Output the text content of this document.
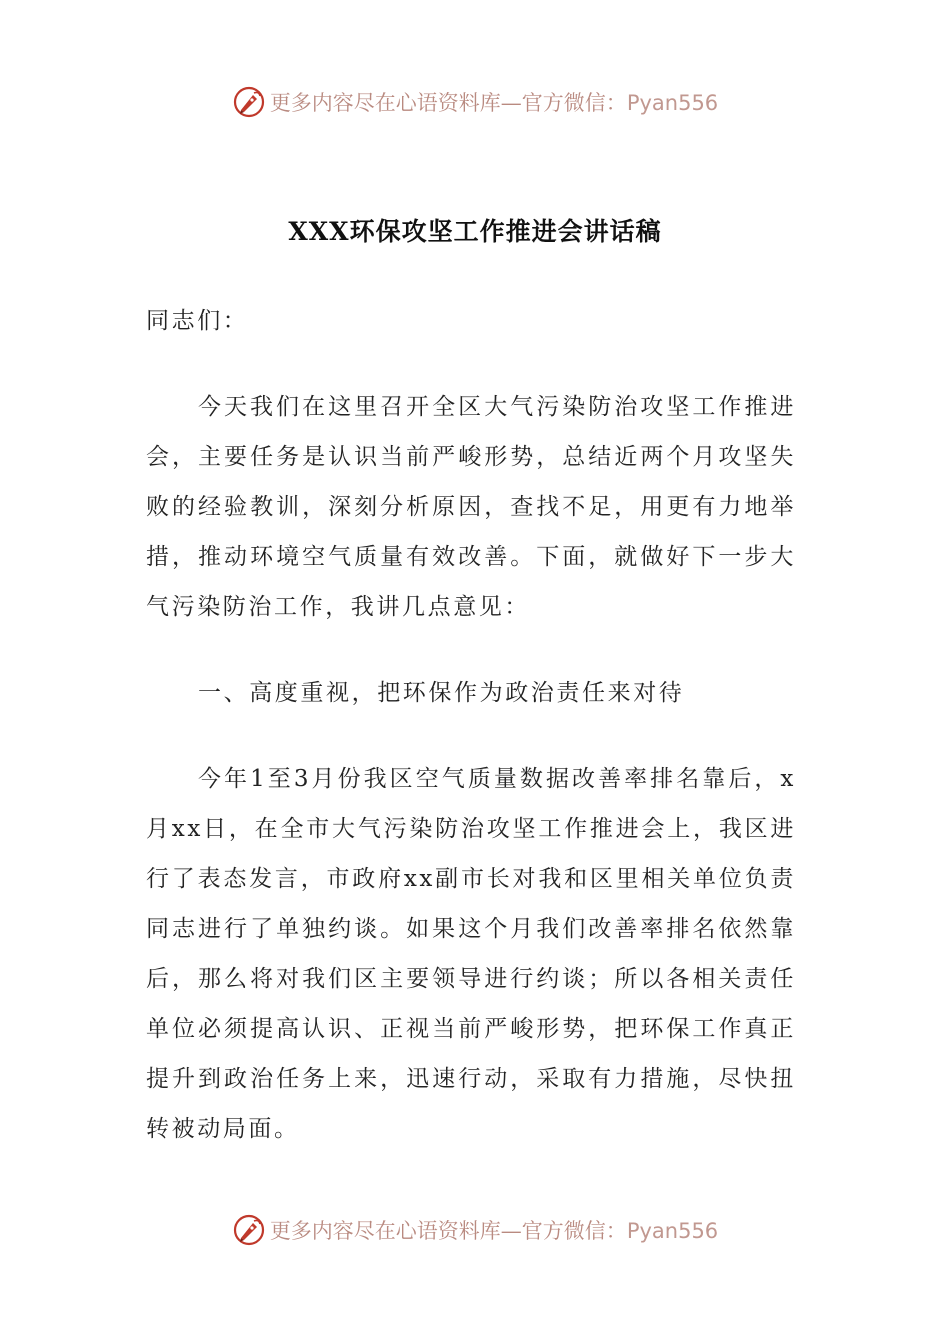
更多内容尽在心语资料库—官方微信：Pyan556
XXX环保攻坚工作推进会讲话稿

同志们：

今天我们在这里召开全区大气污染防治攻坚工作推进会，主要任务是认识当前严峻形势，总结近两个月攻坚失败的经验教训，深刻分析原因，查找不足，用更有力地举措，推动环境空气质量有效改善。下面，就做好下一步大气污染防治工作，我讲几点意见：

一、高度重视，把环保作为政治责任来对待

今年1至3月份我区空气质量数据改善率排名靠后，x月xx日，在全市大气污染防治攻坚工作推进会上，我区进行了表态发言，市政府xx副市长对我和区里相关单位负责同志进行了单独约谈。如果这个月我们改善率排名依然靠后，那么将对我们区主要领导进行约谈；所以各相关责任单位必须提高认识、正视当前严峻形势，把环保工作真正提升到政治任务上来，迅速行动，采取有力措施，尽快扭转被动局面。

更多内容尽在心语资料库—官方微信：Pyan556
